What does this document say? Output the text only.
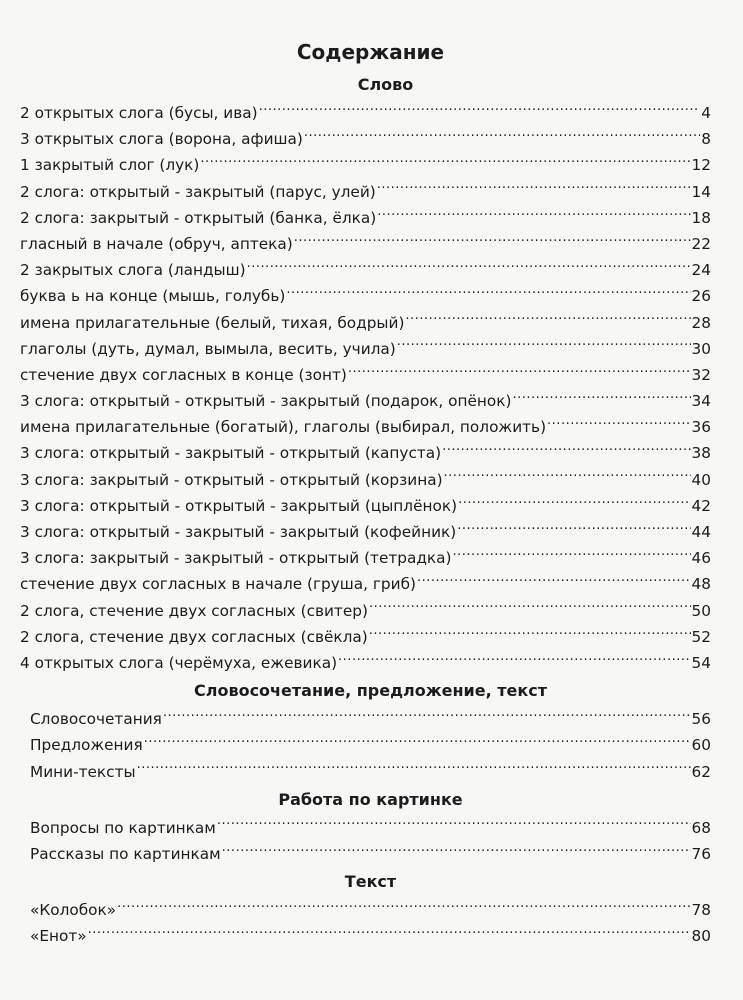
Содержание
Слово
2 открытых слога (бусы, ива) .....	4
3 открытых слога (ворона, афиша) .....	8
1 закрытый слог (лук) .....	12
2 слога: открытый - закрытый (парус, улей) .....	14
2 слога: закрытый - открытый (банка, ёлка) .....	18
гласный в начале (обруч, аптека) .....	22
2 закрытых слога (ландыш) .....	24
буква ь на конце (мышь, голубь) .....	26
имена прилагательные (белый, тихая, бодрый) .....	28
глаголы (дуть, думал, вымыла, весить, учила) .....	30
стечение двух согласных в конце (зонт) .....	32
3 слога: открытый - открытый - закрытый (подарок, опёнок) .....	34
имена прилагательные (богатый), глаголы (выбирал, положить) .....	36
3 слога: открытый - закрытый - открытый (капуста) .....	38
3 слога: закрытый - открытый - открытый (корзина) .....	40
3 слога: открытый - открытый - закрытый (цыплёнок) .....	42
3 слога: открытый - закрытый - закрытый (кофейник) .....	44
3 слога: закрытый - закрытый - открытый (тетрадка) .....	46
стечение двух согласных в начале (груша, гриб) .....	48
2 слога, стечение двух согласных (свитер) .....	50
2 слога, стечение двух согласных (свёкла) .....	52
4 открытых слога (черёмуха, ежевика) .....	54
Словосочетание, предложение, текст
Словосочетания .....	56
Предложения .....	60
Мини-тексты .....	62
Работа по картинке
Вопросы по картинкам .....	68
Рассказы по картинкам .....	76
Текст
«Колобок» .....	78
«Енот» .....	80
